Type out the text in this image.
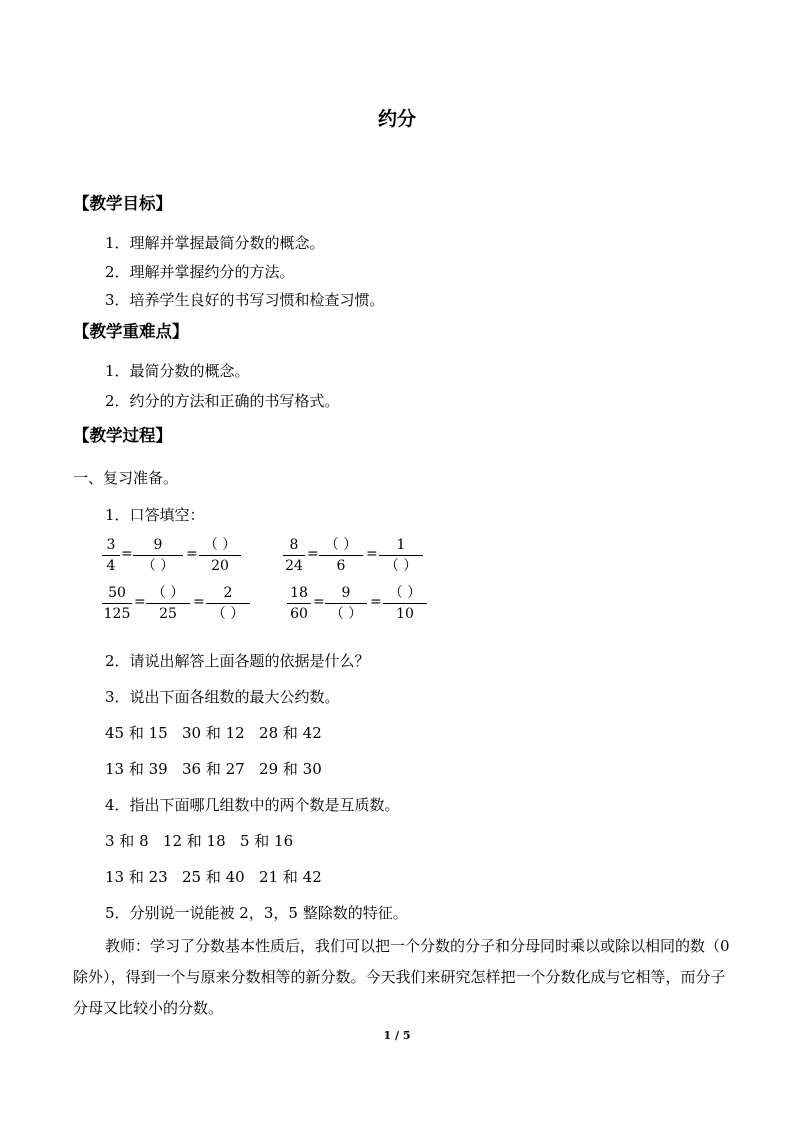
约分
【教学目标】
1．理解并掌握最简分数的概念。
2．理解并掌握约分的方法。
3．培养学生良好的书写习惯和检查习惯。
【教学重难点】
1．最简分数的概念。
2．约分的方法和正确的书写格式。
【教学过程】
一、复习准备。
1．口答填空：
3
4
=
9
（ ）
=
（ ）
20
8
24
=
（ ）
6
=
1
（ ）
50
125
=
（ ）
25
=
2
（ ）
18
60
=
9
（ ）
=
（ ）
10
2．请说出解答上面各题的依据是什么？
3．说出下面各组数的最大公约数。
45 和 15   30 和 12   28 和 42
13 和 39   36 和 27   29 和 30
4．指出下面哪几组数中的两个数是互质数。
3 和 8   12 和 18   5 和 16
13 和 23   25 和 40   21 和 42
5．分别说一说能被 2，3，5 整除数的特征。
教师：学习了分数基本性质后，我们可以把一个分数的分子和分母同时乘以或除以相同的数（0 除外），得到一个与原来分数相等的新分数。今天我们来研究怎样把一个分数化成与它相等，而分子分母又比较小的分数。
1 / 5
